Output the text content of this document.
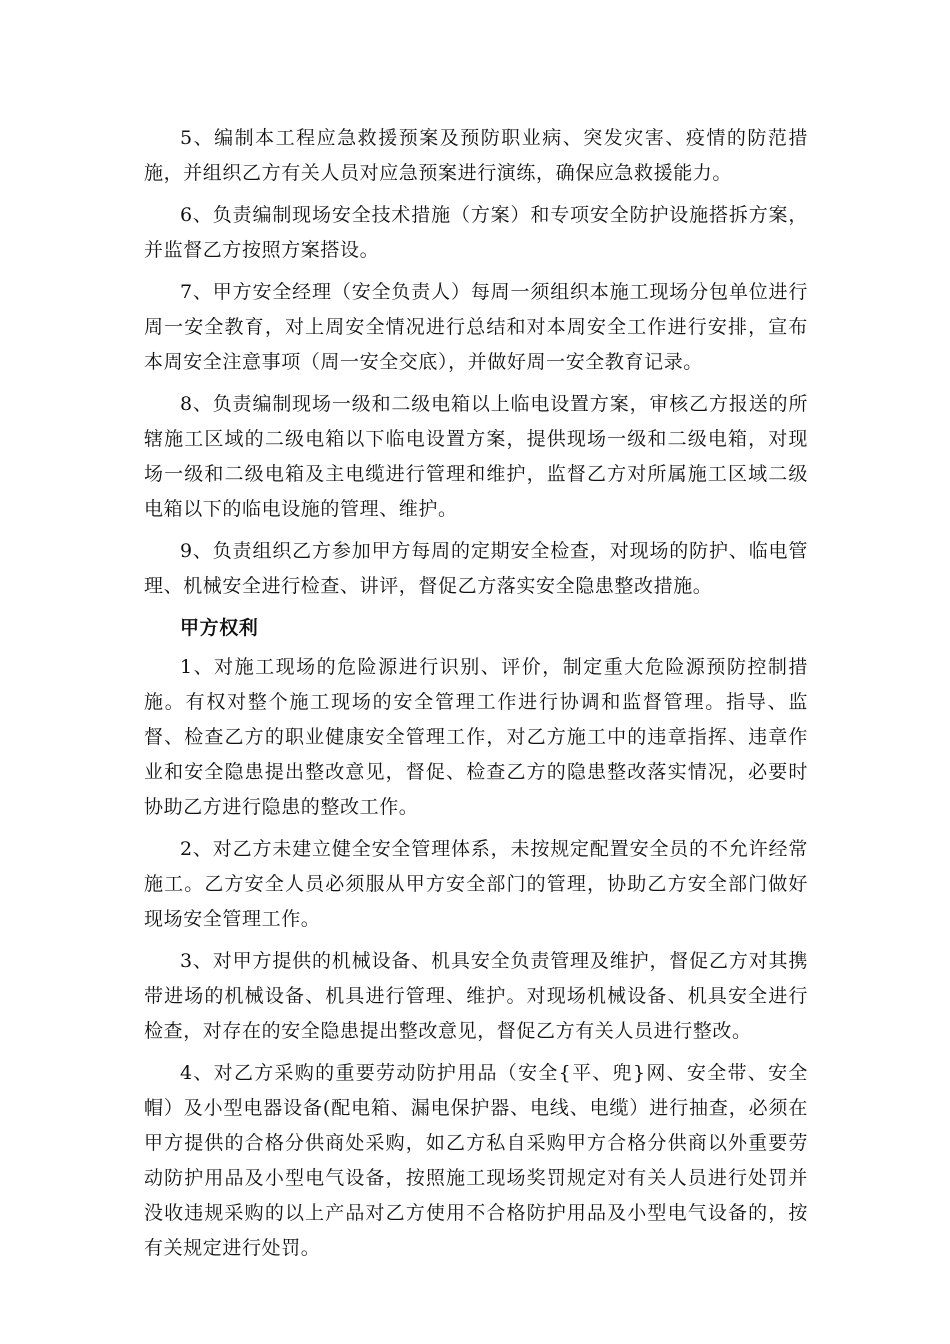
5、编制本工程应急救援预案及预防职业病、突发灾害、疫情的防范措施，并组织乙方有关人员对应急预案进行演练，确保应急救援能力。

6、负责编制现场安全技术措施（方案）和专项安全防护设施搭拆方案，并监督乙方按照方案搭设。

7、甲方安全经理（安全负责人）每周一须组织本施工现场分包单位进行周一安全教育，对上周安全情况进行总结和对本周安全工作进行安排，宣布本周安全注意事项（周一安全交底），并做好周一安全教育记录。

8、负责编制现场一级和二级电箱以上临电设置方案，审核乙方报送的所辖施工区域的二级电箱以下临电设置方案，提供现场一级和二级电箱，对现场一级和二级电箱及主电缆进行管理和维护，监督乙方对所属施工区域二级电箱以下的临电设施的管理、维护。

9、负责组织乙方参加甲方每周的定期安全检查，对现场的防护、临电管理、机械安全进行检查、讲评，督促乙方落实安全隐患整改措施。

甲方权利

1、对施工现场的危险源进行识别、评价，制定重大危险源预防控制措施。有权对整个施工现场的安全管理工作进行协调和监督管理。指导、监督、检查乙方的职业健康安全管理工作，对乙方施工中的违章指挥、违章作业和安全隐患提出整改意见，督促、检查乙方的隐患整改落实情况，必要时协助乙方进行隐患的整改工作。

2、对乙方未建立健全安全管理体系，未按规定配置安全员的不允许经常施工。乙方安全人员必须服从甲方安全部门的管理，协助乙方安全部门做好现场安全管理工作。

3、对甲方提供的机械设备、机具安全负责管理及维护，督促乙方对其携带进场的机械设备、机具进行管理、维护。对现场机械设备、机具安全进行检查，对存在的安全隐患提出整改意见，督促乙方有关人员进行整改。

4、对乙方采购的重要劳动防护用品（安全{平、兜}网、安全带、安全帽）及小型电器设备(配电箱、漏电保护器、电线、电缆）进行抽查，必须在甲方提供的合格分供商处采购，如乙方私自采购甲方合格分供商以外重要劳动防护用品及小型电气设备，按照施工现场奖罚规定对有关人员进行处罚并没收违规采购的以上产品对乙方使用不合格防护用品及小型电气设备的，按有关规定进行处罚。
